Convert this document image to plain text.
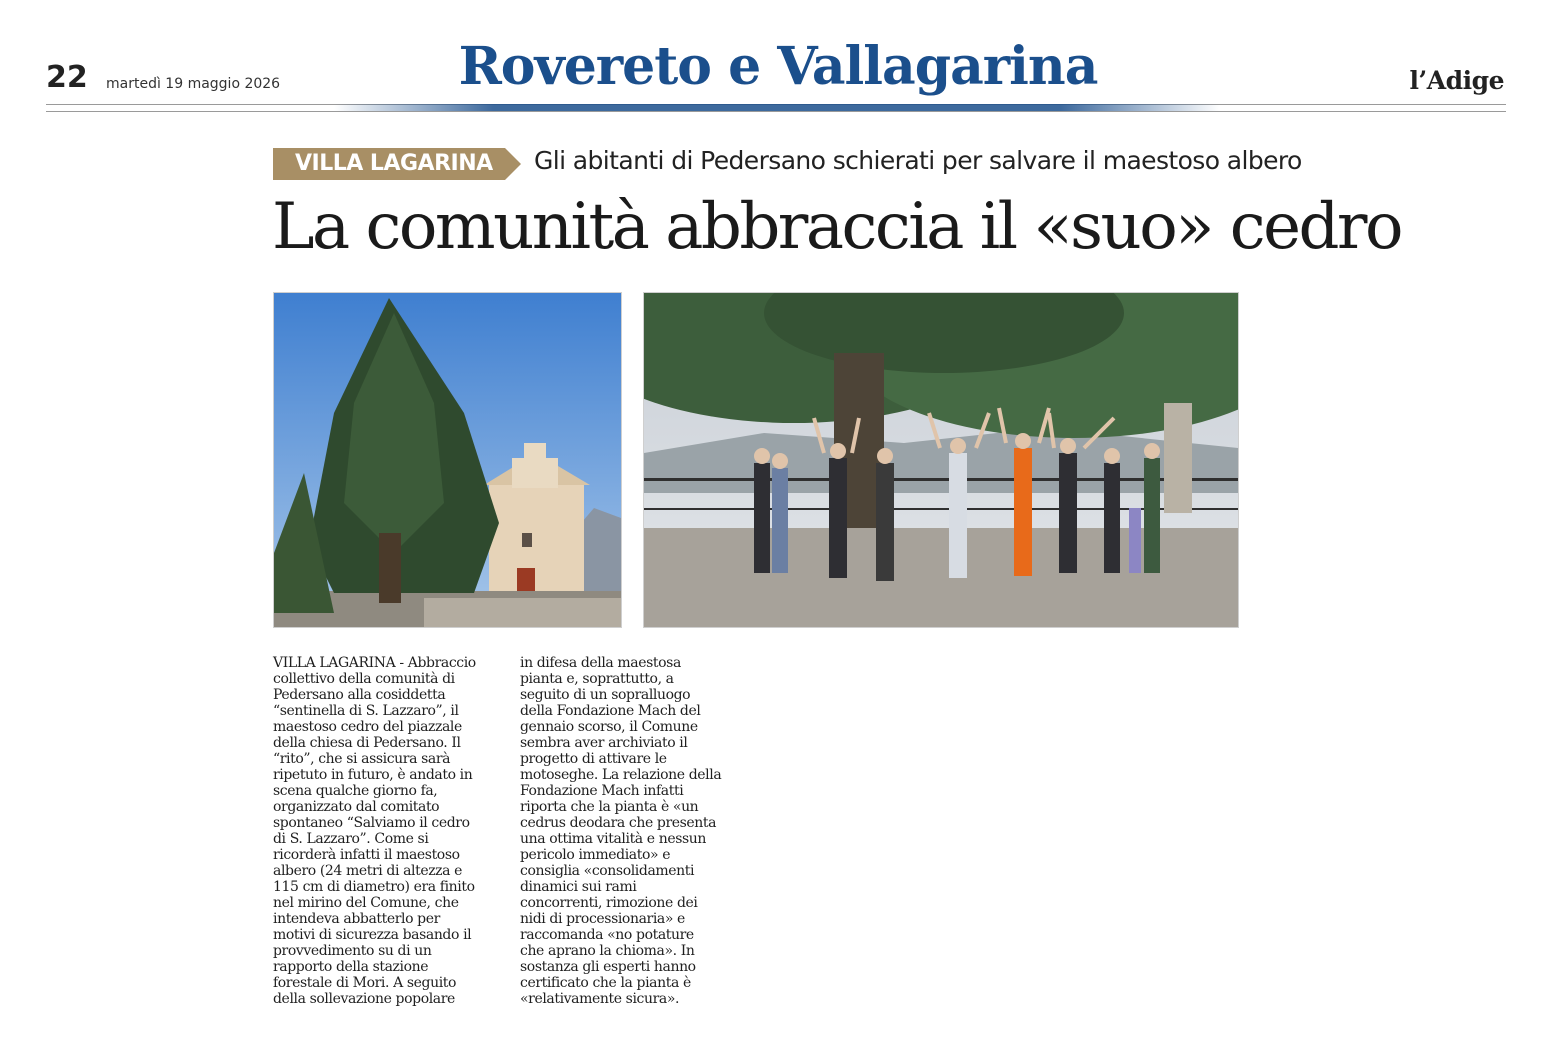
22 martedì 19 maggio 2026	Rovereto e Vallagarina	l’Adige
VILLA LAGARINA Gli abitanti di Pedersano schierati per salvare il maestoso albero
La comunità abbraccia il «suo» cedro
VILLA LAGARINA - Abbraccio
collettivo della comunità di
Pedersano alla cosiddetta
“sentinella di S. Lazzaro”, il
maestoso cedro del piazzale
della chiesa di Pedersano. Il
“rito”, che si assicura sarà
ripetuto in futuro, è andato in
scena qualche giorno fa,
organizzato dal comitato
spontaneo “Salviamo il cedro
di S. Lazzaro”. Come si
ricorderà infatti il maestoso
albero (24 metri di altezza e
115 cm di diametro) era finito
nel mirino del Comune, che
intendeva abbatterlo per
motivi di sicurezza basando il
provvedimento su di un
rapporto della stazione
forestale di Mori. A seguito
della sollevazione popolare
in difesa della maestosa
pianta e, soprattutto, a
seguito di un sopralluogo
della Fondazione Mach del
gennaio scorso, il Comune
sembra aver archiviato il
progetto di attivare le
motoseghe. La relazione della
Fondazione Mach infatti
riporta che la pianta è «un
cedrus deodara che presenta
una ottima vitalità e nessun
pericolo immediato» e
consiglia «consolidamenti
dinamici sui rami
concorrenti, rimozione dei
nidi di processionaria» e
raccomanda «no potature
che aprano la chioma». In
sostanza gli esperti hanno
certificato che la pianta è
«relativamente sicura».
